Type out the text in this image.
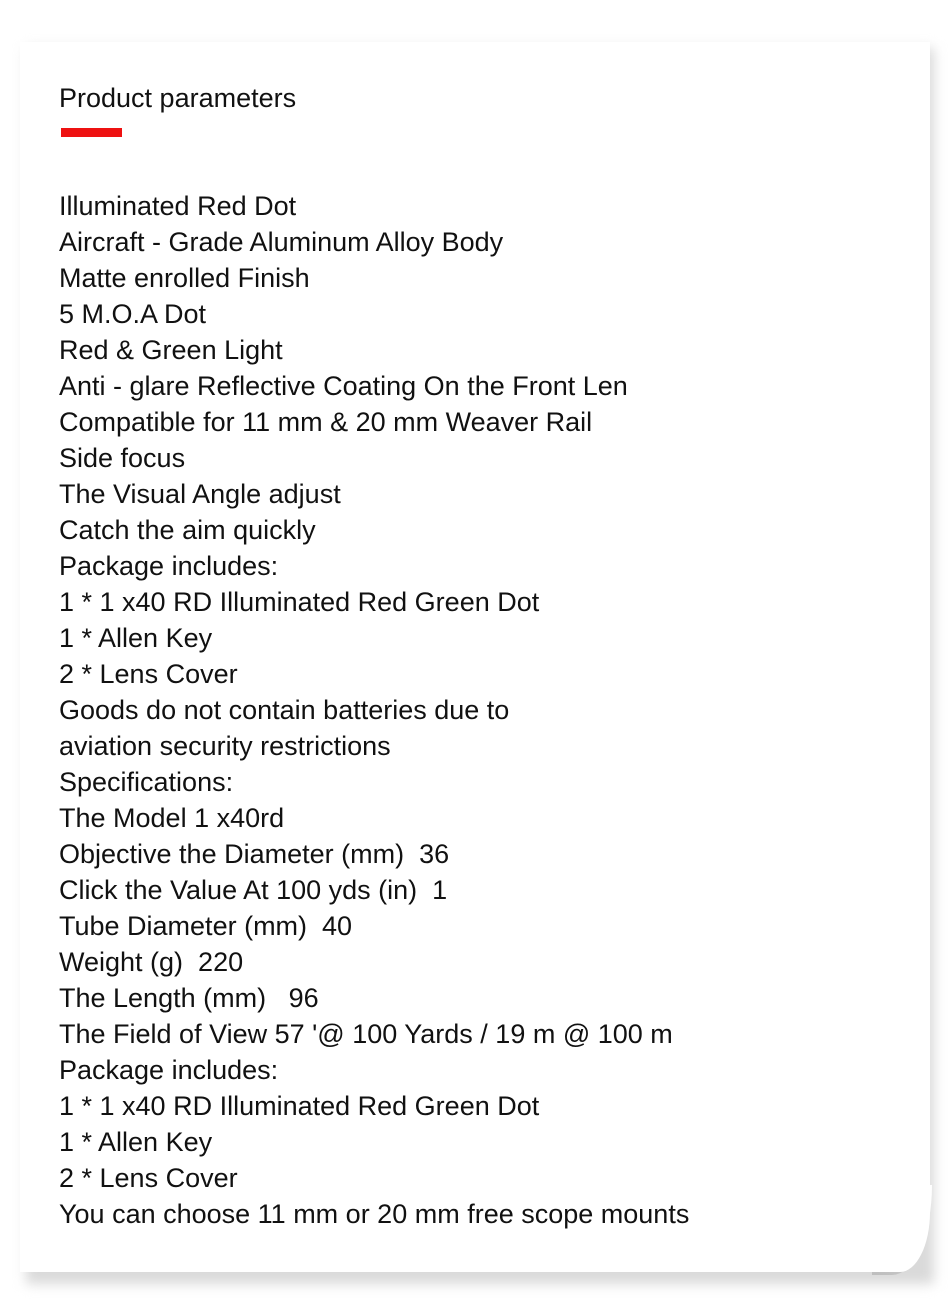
Product parameters
Illuminated Red Dot
Aircraft - Grade Aluminum Alloy Body
Matte enrolled Finish
5 M.O.A Dot
Red & Green Light
Anti - glare Reflective Coating On the Front Len
Compatible for 11 mm & 20 mm Weaver Rail
Side focus
The Visual Angle adjust
Catch the aim quickly
Package includes:
1 * 1 x40 RD Illuminated Red Green Dot
1 * Allen Key
2 * Lens Cover
Goods do not contain batteries due to
aviation security restrictions
Specifications:
The Model 1 x40rd
Objective the Diameter (mm)  36
Click the Value At 100 yds (in)  1
Tube Diameter (mm)  40
Weight (g)  220
The Length (mm)   96
The Field of View 57 '@ 100 Yards / 19 m @ 100 m
Package includes:
1 * 1 x40 RD Illuminated Red Green Dot
1 * Allen Key
2 * Lens Cover
You can choose 11 mm or 20 mm free scope mounts
